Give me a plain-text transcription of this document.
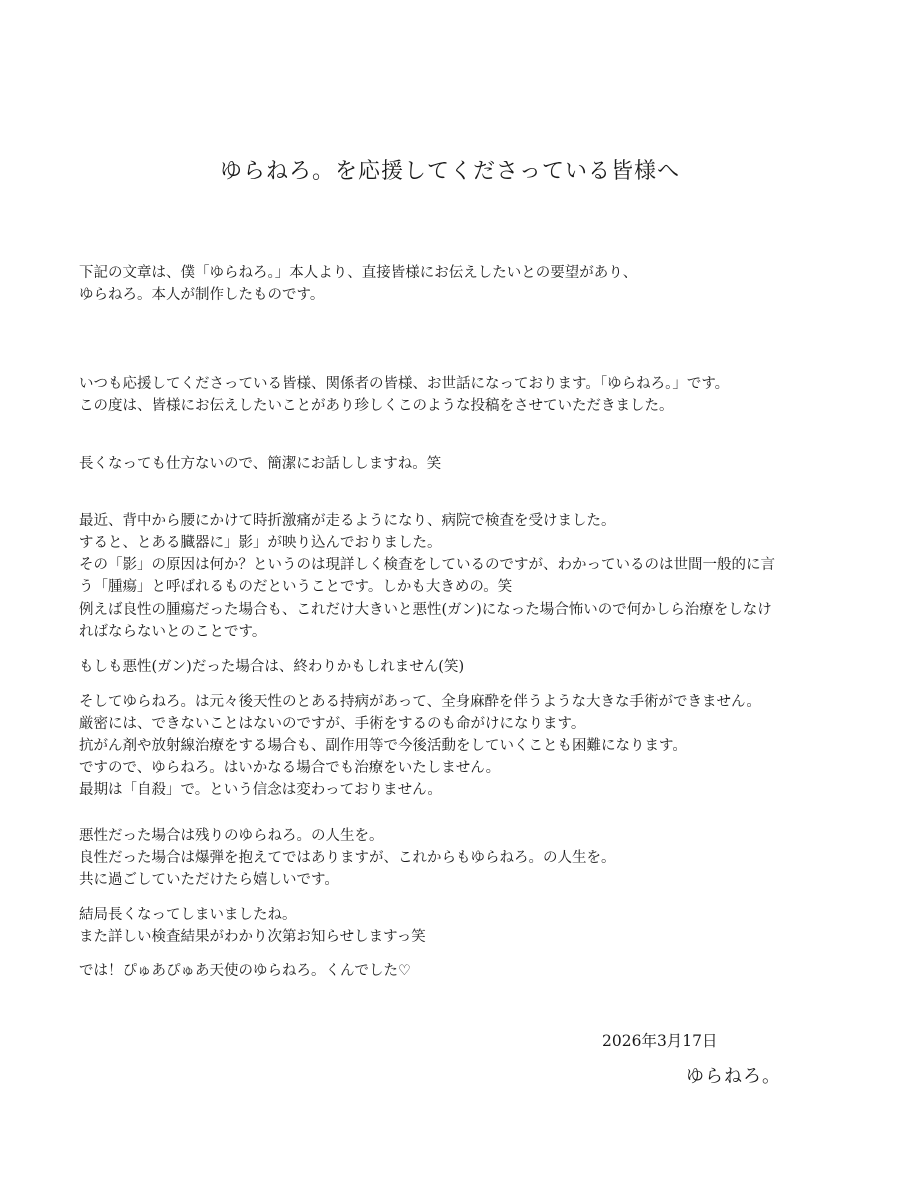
ゆらねろ。を応援してくださっている皆様へ
下記の文章は、僕「ゆらねろ。」本人より、直接皆様にお伝えしたいとの要望があり、
ゆらねろ。本人が制作したものです。
いつも応援してくださっている皆様、関係者の皆様、お世話になっております。「ゆらねろ。」です。
この度は、皆様にお伝えしたいことがあり珍しくこのような投稿をさせていただきました。
長くなっても仕方ないので、簡潔にお話ししますね。笑
最近、背中から腰にかけて時折激痛が走るようになり、病院で検査を受けました。
すると、とある臓器に」影」が映り込んでおりました。
その「影」の原因は何か？というのは現詳しく検査をしているのですが、わかっているのは世間一般的に言
う「腫瘍」と呼ばれるものだということです。しかも大きめの。笑
例えば良性の腫瘍だった場合も、これだけ大きいと悪性(ガン)になった場合怖いので何かしら治療をしなけ
ればならないとのことです。
もしも悪性(ガン)だった場合は、終わりかもしれません(笑)
そしてゆらねろ。は元々後天性のとある持病があって、全身麻酔を伴うような大きな手術ができません。
厳密には、できないことはないのですが、手術をするのも命がけになります。
抗がん剤や放射線治療をする場合も、副作用等で今後活動をしていくことも困難になります。
ですので、ゆらねろ。はいかなる場合でも治療をいたしません。
最期は「自殺」で。という信念は変わっておりません。
悪性だった場合は残りのゆらねろ。の人生を。
良性だった場合は爆弾を抱えてではありますが、これからもゆらねろ。の人生を。
共に過ごしていただけたら嬉しいです。
結局長くなってしまいましたね。
また詳しい検査結果がわかり次第お知らせしますっ笑
では！ぴゅあぴゅあ天使のゆらねろ。くんでした♡
2026年3月17日
ゆらねろ。
